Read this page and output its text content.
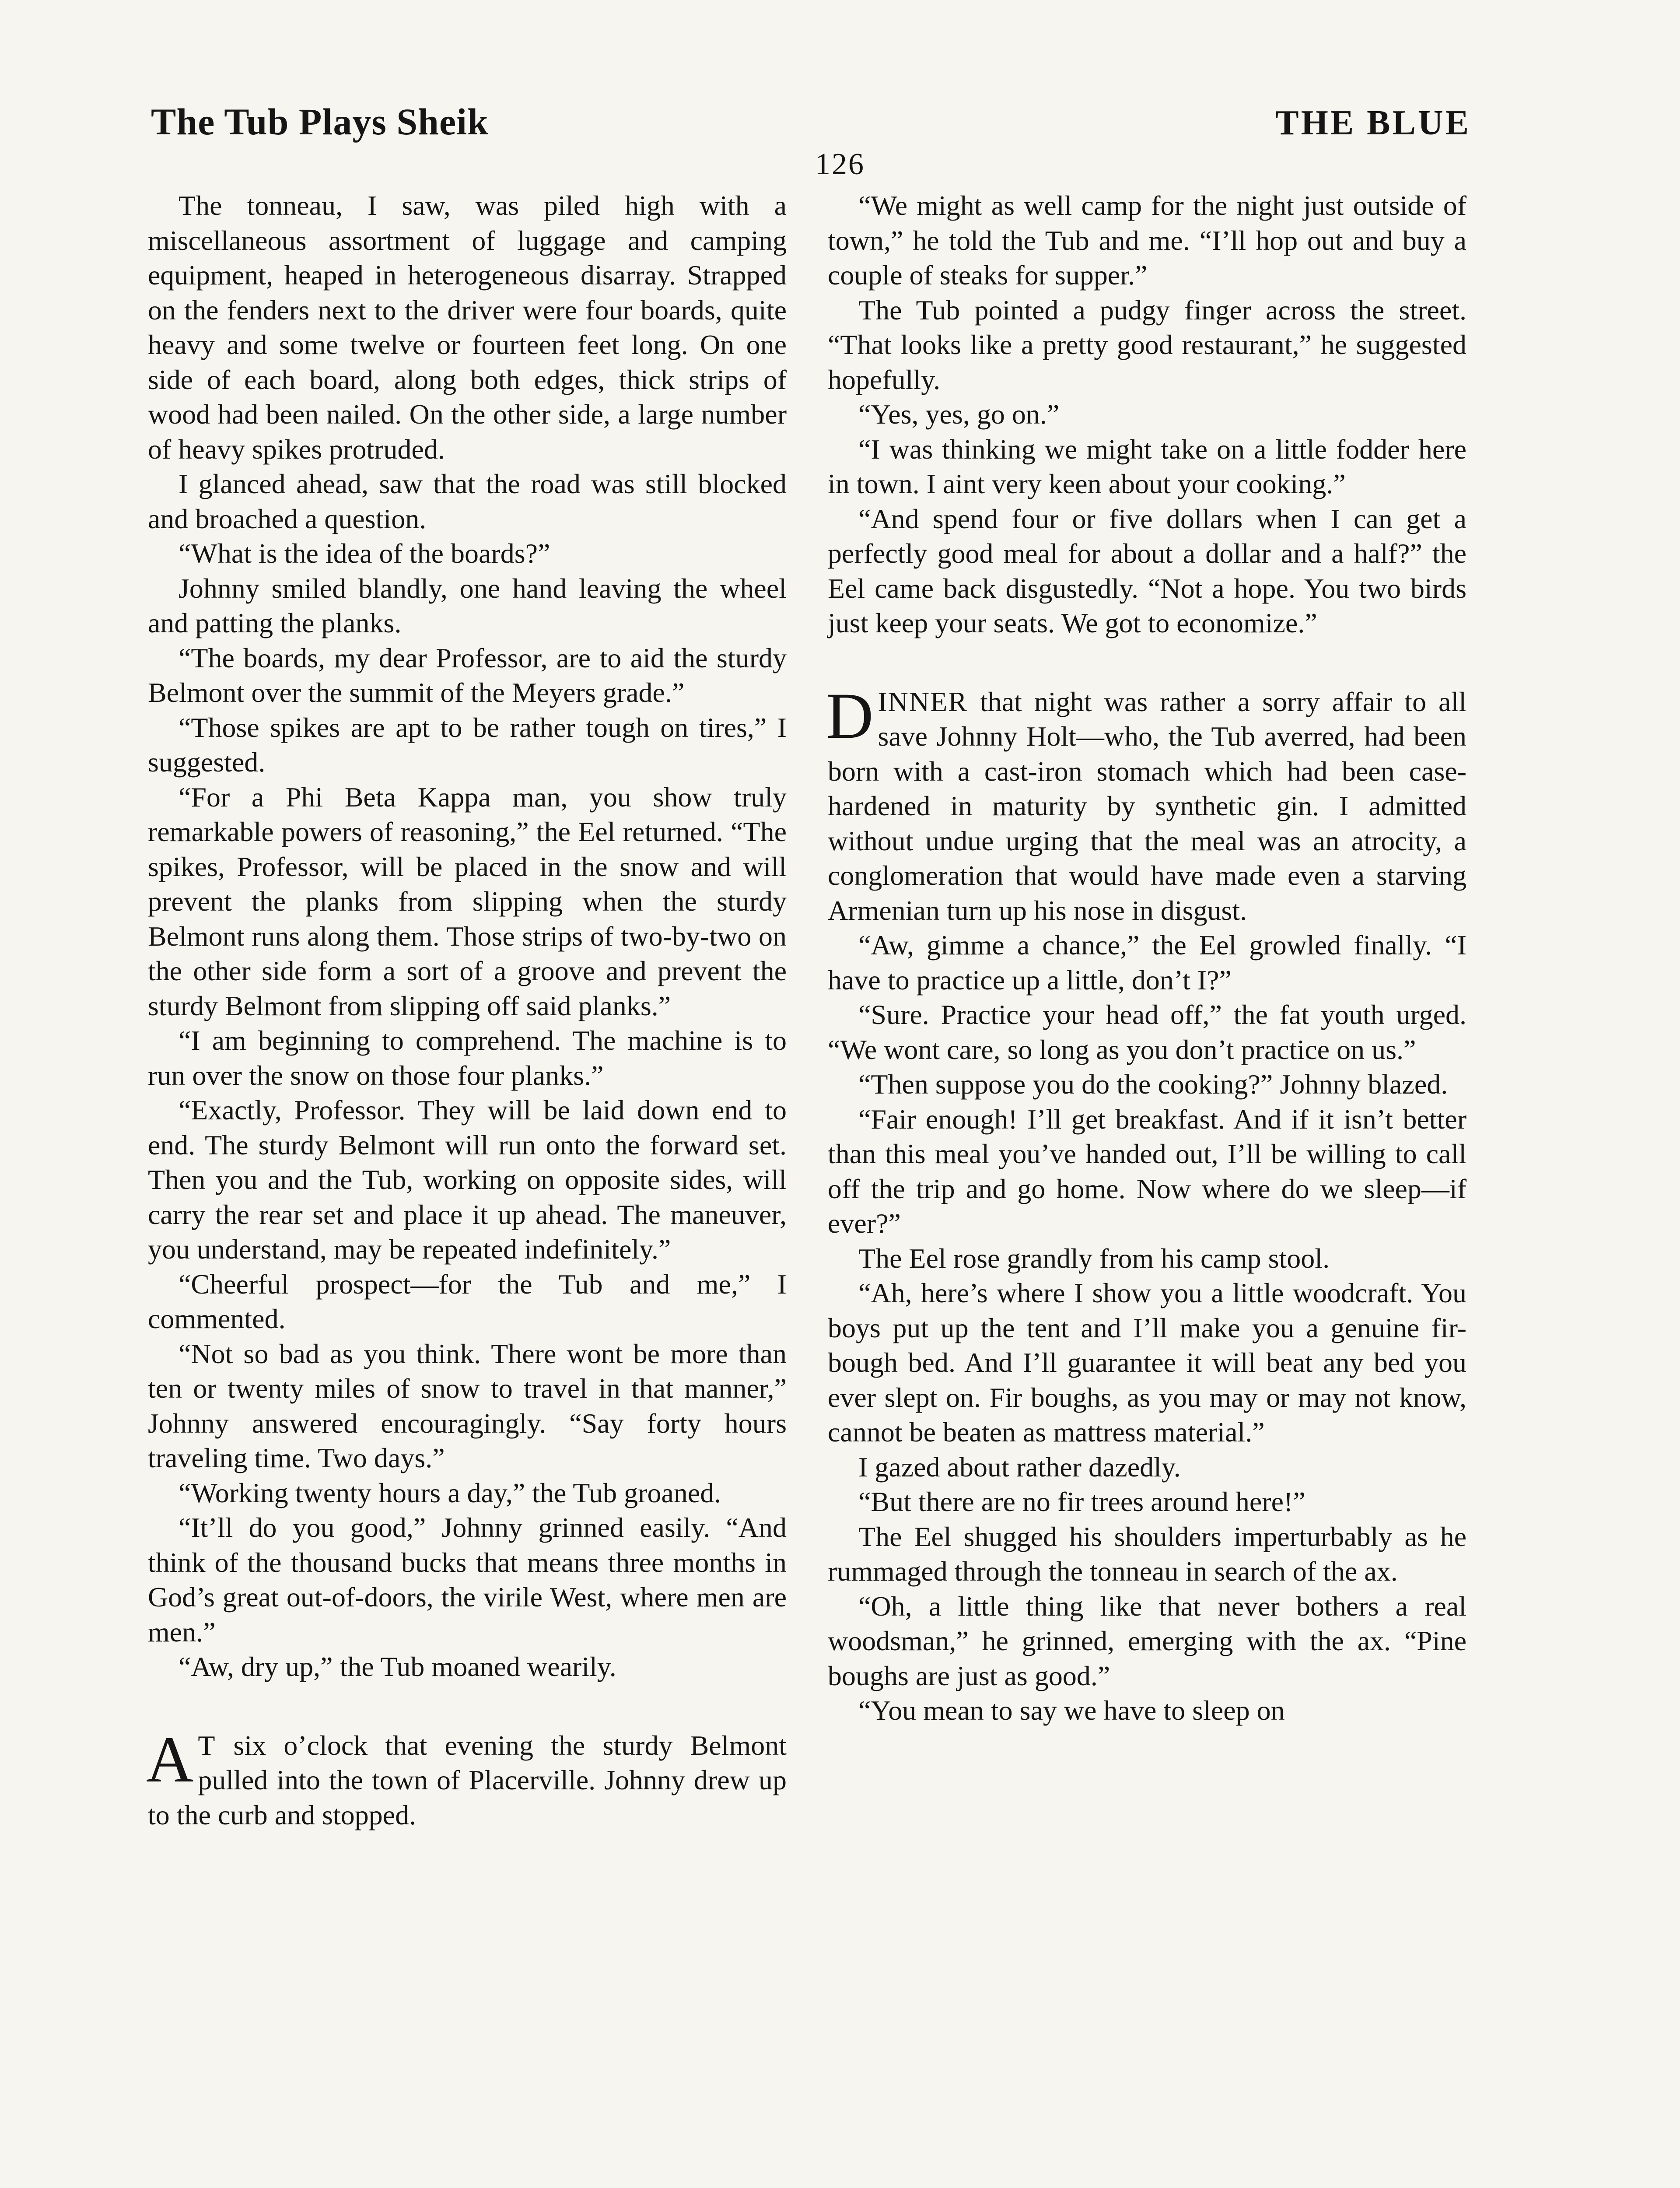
The Tub Plays Sheik	THE BLUE
126

The tonneau, I saw, was piled high with a miscellaneous assortment of luggage and camping equipment, heaped in heterogeneous disarray. Strapped on the fenders next to the driver were four boards, quite heavy and some twelve or fourteen feet long. On one side of each board, along both edges, thick strips of wood had been nailed. On the other side, a large number of heavy spikes protruded.

I glanced ahead, saw that the road was still blocked and broached a question.

“What is the idea of the boards?”

Johnny smiled blandly, one hand leaving the wheel and patting the planks.

“The boards, my dear Professor, are to aid the sturdy Belmont over the summit of the Meyers grade.”

“Those spikes are apt to be rather tough on tires,” I suggested.

“For a Phi Beta Kappa man, you show truly remarkable powers of reasoning,” the Eel returned. “The spikes, Professor, will be placed in the snow and will prevent the planks from slipping when the sturdy Belmont runs along them. Those strips of two-by-two on the other side form a sort of a groove and prevent the sturdy Belmont from slipping off said planks.”

“I am beginning to comprehend. The machine is to run over the snow on those four planks.”

“Exactly, Professor. They will be laid down end to end. The sturdy Belmont will run onto the forward set. Then you and the Tub, working on opposite sides, will carry the rear set and place it up ahead. The maneuver, you understand, may be repeated indefinitely.”

“Cheerful prospect—for the Tub and me,” I commented.

“Not so bad as you think. There wont be more than ten or twenty miles of snow to travel in that manner,” Johnny answered encouragingly. “Say forty hours traveling time. Two days.”

“Working twenty hours a day,” the Tub groaned.

“It’ll do you good,” Johnny grinned easily. “And think of the thousand bucks that means three months in God’s great out-of-doors, the virile West, where men are men.”

“Aw, dry up,” the Tub moaned wearily.

A T six o’clock that evening the sturdy Belmont pulled into the town of Placerville. Johnny drew up to the curb and stopped.

“We might as well camp for the night just outside of town,” he told the Tub and me. “I’ll hop out and buy a couple of steaks for supper.”

The Tub pointed a pudgy finger across the street. “That looks like a pretty good restaurant,” he suggested hopefully.

“Yes, yes, go on.”

“I was thinking we might take on a little fodder here in town. I aint very keen about your cooking.”

“And spend four or five dollars when I can get a perfectly good meal for about a dollar and a half?” the Eel came back disgustedly. “Not a hope. You two birds just keep your seats. We got to economize.”

DINNER that night was rather a sorry affair to all save Johnny Holt—who, the Tub averred, had been born with a cast-iron stomach which had been case-hardened in maturity by synthetic gin. I admitted without undue urging that the meal was an atrocity, a conglomeration that would have made even a starving Armenian turn up his nose in disgust.

“Aw, gimme a chance,” the Eel growled finally. “I have to practice up a little, don’t I?”

“Sure. Practice your head off,” the fat youth urged. “We wont care, so long as you don’t practice on us.”

“Then suppose you do the cooking?” Johnny blazed.

“Fair enough! I’ll get breakfast. And if it isn’t better than this meal you’ve handed out, I’ll be willing to call off the trip and go home. Now where do we sleep—if ever?”

The Eel rose grandly from his camp stool.

“Ah, here’s where I show you a little woodcraft. You boys put up the tent and I’ll make you a genuine fir-bough bed. And I’ll guarantee it will beat any bed you ever slept on. Fir boughs, as you may or may not know, cannot be beaten as mattress material.”

I gazed about rather dazedly.

“But there are no fir trees around here!”

The Eel shugged his shoulders imperturbably as he rummaged through the tonneau in search of the ax.

“Oh, a little thing like that never bothers a real woodsman,” he grinned, emerging with the ax. “Pine boughs are just as good.”

“You mean to say we have to sleep on
